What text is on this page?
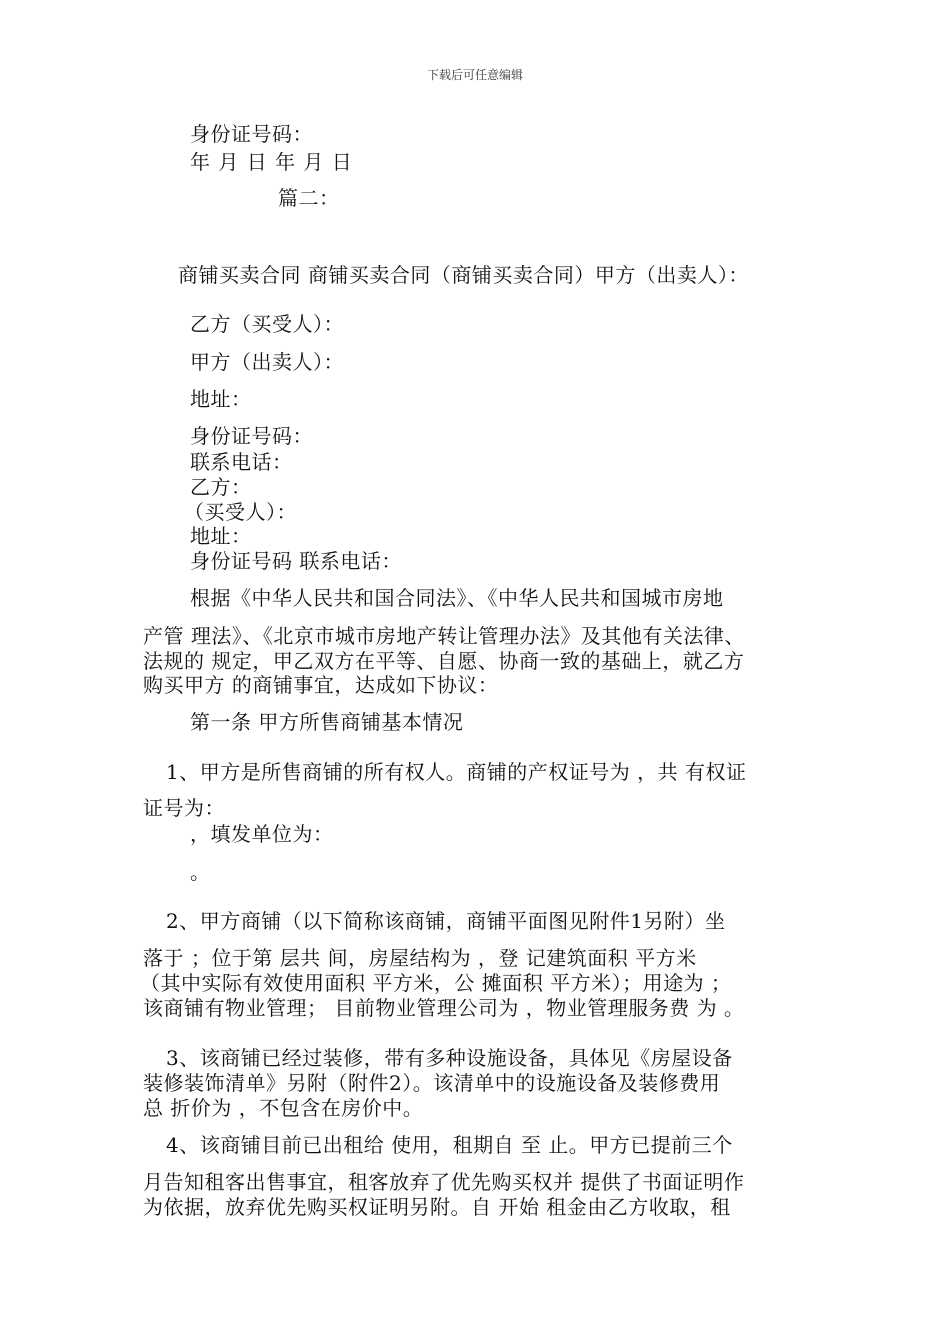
下载后可任意编辑
身份证号码：
年 月 日 年 月 日
篇二：
商铺买卖合同 商铺买卖合同（商铺买卖合同）甲方（出卖人）：
乙方（买受人）：
甲方（出卖人）：
地址：
身份证号码：
联系电话：
乙方：
（买受人）：
地址：
身份证号码 联系电话：
根据《中华人民共和国合同法》、《中华人民共和国城市房地
产管 理法》、《北京市城市房地产转让管理办法》及其他有关法律、
法规的 规定，甲乙双方在平等、自愿、协商一致的基础上，就乙方
购买甲方 的商铺事宜，达成如下协议：
第一条 甲方所售商铺基本情况
1、甲方是所售商铺的所有权人。商铺的产权证号为 ，共 有权证
证号为：
，填发单位为：
。
2、甲方商铺（以下简称该商铺，商铺平面图见附件1另附）坐
落于 ；位于第 层共 间，房屋结构为 ，登 记建筑面积 平方米
（其中实际有效使用面积 平方米，公 摊面积 平方米）；用途为 ；
该商铺有物业管理； 目前物业管理公司为 ，物业管理服务费 为 。
3、该商铺已经过装修，带有多种设施设备，具体见《房屋设备
装修装饰清单》另附（附件2）。该清单中的设施设备及装修费用
总 折价为 ，不包含在房价中。
4、该商铺目前已出租给 使用，租期自 至 止。甲方已提前三个
月告知租客出售事宜，租客放弃了优先购买权并 提供了书面证明作
为依据，放弃优先购买权证明另附。自 开始 租金由乙方收取，租
